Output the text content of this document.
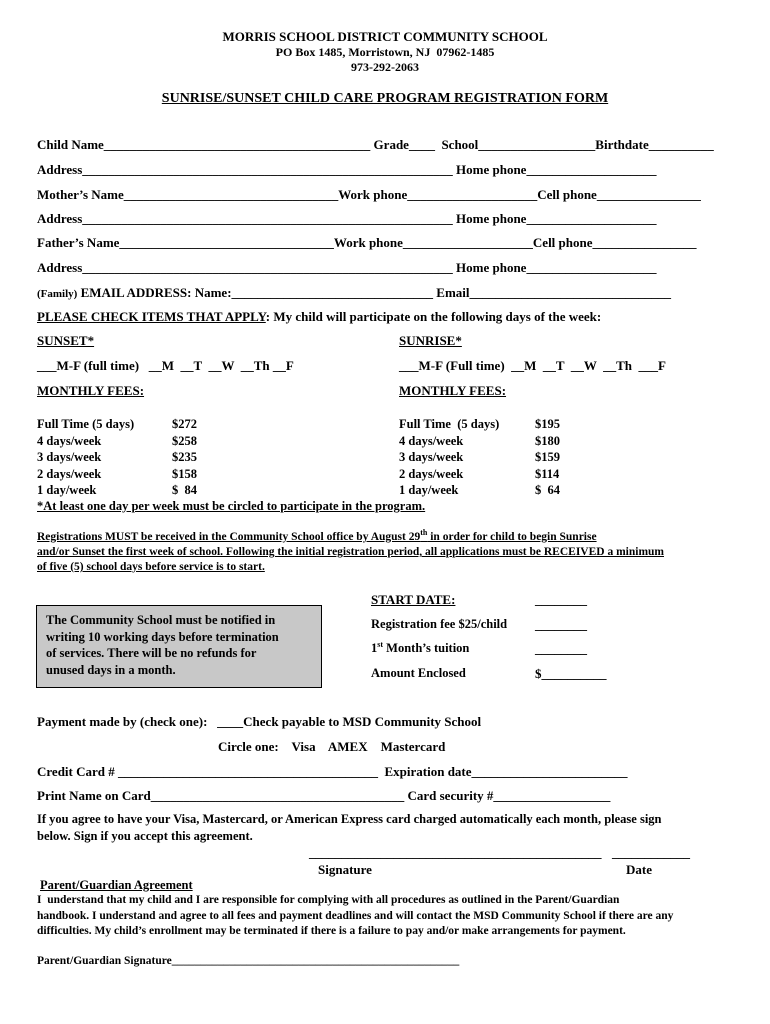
MORRIS SCHOOL DISTRICT COMMUNITY SCHOOL
PO Box 1485, Morristown, NJ  07962-1485
973-292-2063
SUNRISE/SUNSET CHILD CARE PROGRAM REGISTRATION FORM
Child Name_________________________________________ Grade____  School__________________Birthdate__________
Address_________________________________________________________ Home phone____________________
Mother’s Name_________________________________Work phone____________________Cell phone________________
Address_________________________________________________________ Home phone____________________
Father’s Name_________________________________Work phone____________________Cell phone________________
Address_________________________________________________________ Home phone____________________
(Family) EMAIL ADDRESS: Name:_______________________________ Email_______________________________
PLEASE CHECK ITEMS THAT APPLY: My child will participate on the following days of the week:
SUNSET*
___M-F (full time)   __M  __T  __W  __Th __F
MONTHLY FEES:
Full Time (5 days)	$272
4 days/week	$258
3 days/week	$235
2 days/week	$158
1 day/week	$  84
SUNRISE*
___M-F (Full time)  __M  __T  __W  __Th  ___F
MONTHLY FEES:
Full Time  (5 days)	$195
4 days/week	$180
3 days/week	$159
2 days/week	$114
1 day/week	$  64
*At least one day per week must be circled to participate in the program.
Registrations MUST be received in the Community School office by August 29th in order for child to begin Sunrise
and/or Sunset the first week of school. Following the initial registration period, all applications must be RECEIVED a minimum
of five (5) school days before service is to start.
The Community School must be notified in
writing 10 working days before termination
of services. There will be no refunds for
unused days in a month.
START DATE:	________
Registration fee $25/child ________
1st Month’s tuition	________
Amount Enclosed	$__________
Payment made by (check one):   ____Check payable to MSD Community School
Circle one:    Visa    AMEX    Mastercard
Credit Card # ________________________________________  Expiration date________________________
Print Name on Card_______________________________________ Card security #__________________
If you agree to have your Visa, Mastercard, or American Express card charged automatically each month, please sign
below. Sign if you accept this agreement.
_____________________________________________ ____________
Signature	Date
Parent/Guardian Agreement
I  understand that my child and I are responsible for complying with all procedures as outlined in the Parent/Guardian
handbook. I understand and agree to all fees and payment deadlines and will contact the MSD Community School if there are any
difficulties. My child’s enrollment may be terminated if there is a failure to pay and/or make arrangements for payment.
Parent/Guardian Signature__________________________________________________
